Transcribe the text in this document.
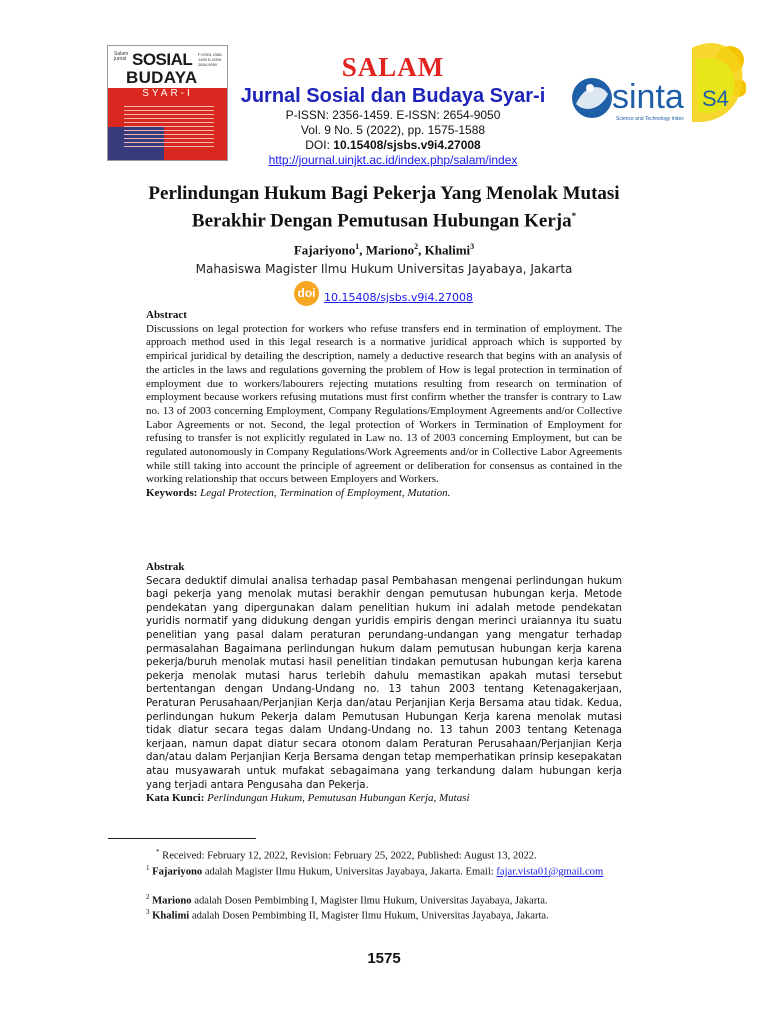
Salam jurnal
P-ISSN 2356-1459 E-ISSN 2654-9050
SOSIAL
BUDAYA
SYAR-I
SALAM
Jurnal Sosial dan Budaya Syar-i
P-ISSN: 2356-1459. E-ISSN: 2654-9050
Vol. 9 No. 5 (2022), pp. 1575-1588
DOI: 10.15408/sjsbs.v9i4.27008
http://journal.uinjkt.ac.id/index.php/salam/index
sinta S4
Science and Technology Index
Perlindungan Hukum Bagi Pekerja Yang Menolak Mutasi
Berakhir Dengan Pemutusan Hubungan Kerja*
Fajariyono$^1$, Mariono$^2$, Khalimi$^3$
Mahasiswa Magister Ilmu Hukum Universitas Jayabaya, Jakarta
doi 10.15408/sjsbs.v9i4.27008
Abstract
Discussions on legal protection for workers who refuse transfers end in termination of employment. The approach method used in this legal research is a normative juridical approach which is supported by empirical juridical by detailing the description, namely a deductive research that begins with an analysis of the articles in the laws and regulations governing the problem of How is legal protection in termination of employment due to workers/labourers rejecting mutations resulting from research on termination of employment because workers refusing mutations must first confirm whether the transfer is contrary to Law no. 13 of 2003 concerning Employment, Company Regulations/Employment Agreements and/or Collective Labor Agreements or not. Second, the legal protection of Workers in Termination of Employment for refusing to transfer is not explicitly regulated in Law no. 13 of 2003 concerning Employment, but can be regulated autonomously in Company Regulations/Work Agreements and/or in Collective Labor Agreements while still taking into account the principle of agreement or deliberation for consensus as contained in the working relationship that occurs between Employers and Workers.
Keywords: Legal Protection, Termination of Employment, Mutation.
Abstrak
Secara deduktif dimulai analisa terhadap pasal Pembahasan mengenai perlindungan hukum bagi pekerja yang menolak mutasi berakhir dengan pemutusan hubungan kerja. Metode pendekatan yang dipergunakan dalam penelitian hukum ini adalah metode pendekatan yuridis normatif yang didukung dengan yuridis empiris dengan merinci uraiannya itu suatu penelitian yang pasal dalam peraturan perundang-undangan yang mengatur terhadap permasalahan Bagaimana perlindungan hukum dalam pemutusan hubungan kerja karena pekerja/buruh menolak mutasi hasil penelitian tindakan pemutusan hubungan kerja karena pekerja menolak mutasi harus terlebih dahulu memastikan apakah mutasi tersebut bertentangan dengan Undang-Undang no. 13 tahun 2003 tentang Ketenagakerjaan, Peraturan Perusahaan/Perjanjian Kerja dan/atau Perjanjian Kerja Bersama atau tidak. Kedua, perlindungan hukum Pekerja dalam Pemutusan Hubungan Kerja karena menolak mutasi tidak diatur secara tegas dalam Undang-Undang no. 13 tahun 2003 tentang Ketenaga kerjaan, namun dapat diatur secara otonom dalam Peraturan Perusahaan/Perjanjian Kerja dan/atau dalam Perjanjian Kerja Bersama dengan tetap memperhatikan prinsip kesepakatan atau musyawarah untuk mufakat sebagaimana yang terkandung dalam hubungan kerja yang terjadi antara Pengusaha dan Pekerja.
Kata Kunci: Perlindungan Hukum, Pemutusan Hubungan Kerja, Mutasi
* Received: February 12, 2022, Revision: February 25, 2022, Published: August 13, 2022.
$^1$ Fajariyono adalah Magister Ilmu Hukum, Universitas Jayabaya, Jakarta. Email: fajar.vista01@gmail.com
$^2$ Mariono adalah Dosen Pembimbing I, Magister Ilmu Hukum, Universitas Jayabaya, Jakarta.
$^3$ Khalimi adalah Dosen Pembimbing II, Magister Ilmu Hukum, Universitas Jayabaya, Jakarta.
1575
